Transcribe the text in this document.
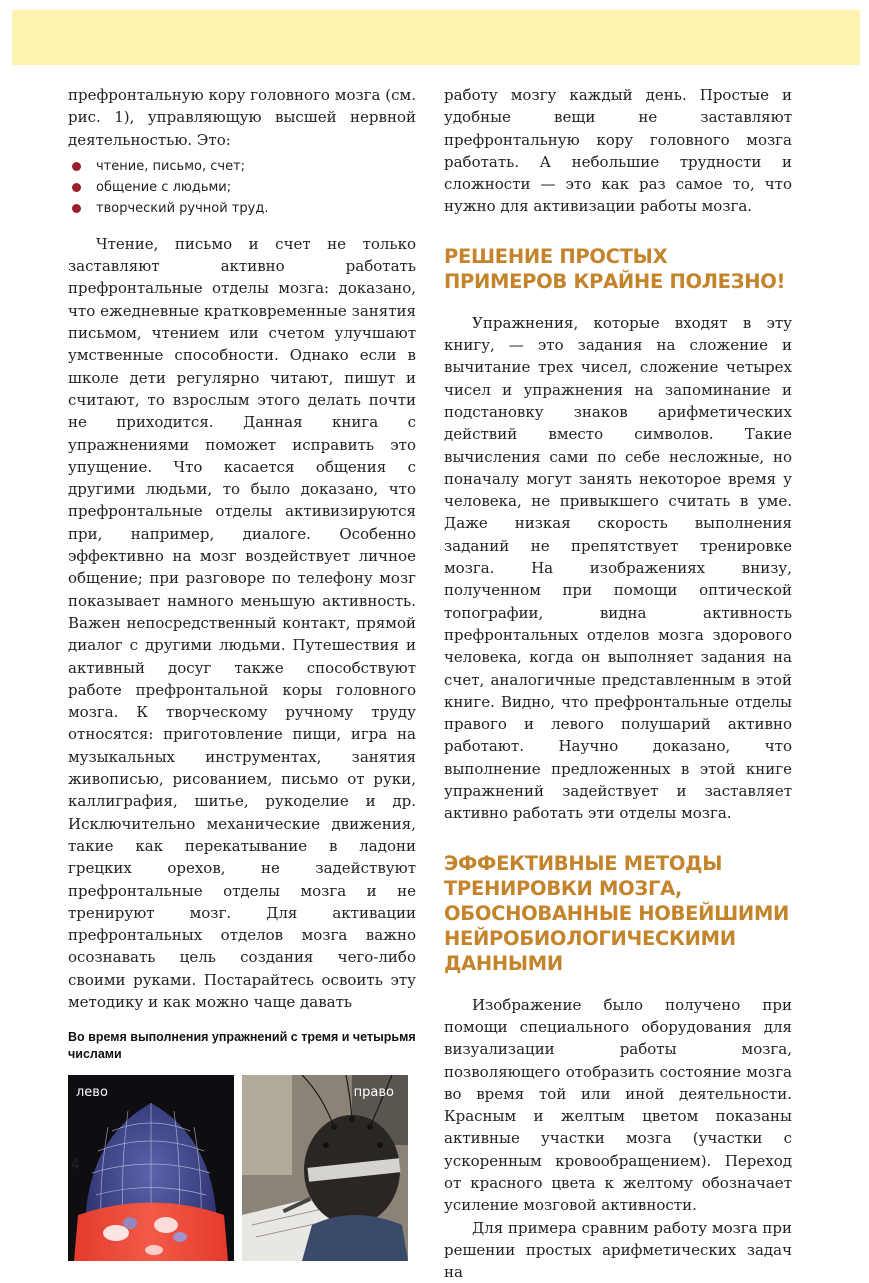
префронтальную кору головного мозга (см. рис. 1), управляющую высшей нервной деятельностью. Это:

чтение, письмо, счет;
общение с людьми;
творческий ручной труд.

Чтение, письмо и счет не только заставляют активно работать префронтальные отделы мозга: доказано, что ежедневные кратковременные занятия письмом, чтением или счетом улучшают умственные способности. Однако если в школе дети регулярно читают, пишут и считают, то взрослым этого делать почти не приходится. Данная книга с упражнениями поможет исправить это упущение. Что касается общения с другими людьми, то было доказано, что префронтальные отделы активизируются при, например, диалоге. Особенно эффективно на мозг воздействует личное общение; при разговоре по телефону мозг показывает намного меньшую активность. Важен непосредственный контакт, прямой диалог с другими людьми. Путешествия и активный досуг также способствуют работе префронтальной коры головного мозга. К творческому ручному труду относятся: приготовление пищи, игра на музыкальных инструментах, занятия живописью, рисованием, письмо от руки, каллиграфия, шитье, рукоделие и др. Исключительно механические движения, такие как перекатывание в ладони грецких орехов, не задействуют префронтальные отделы мозга и не тренируют мозг. Для активации префронтальных отделов мозга важно осознавать цель создания чего-либо своими руками. Постарайтесь освоить эту методику и как можно чаще давать

Во время выполнения упражнений с тремя и четырьмя числами
лево	право

работу мозгу каждый день. Простые и удобные вещи не заставляют префронтальную кору головного мозга работать. А небольшие трудности и сложности — это как раз самое то, что нужно для активизации работы мозга.

РЕШЕНИЕ ПРОСТЫХ ПРИМЕРОВ КРАЙНЕ ПОЛЕЗНО!

Упражнения, которые входят в эту книгу, — это задания на сложение и вычитание трех чисел, сложение четырех чисел и упражнения на запоминание и подстановку знаков арифметических действий вместо символов. Такие вычисления сами по себе несложные, но поначалу могут занять некоторое время у человека, не привыкшего считать в уме. Даже низкая скорость выполнения заданий не препятствует тренировке мозга. На изображениях внизу, полученном при помощи оптической топографии, видна активность префронтальных отделов мозга здорового человека, когда он выполняет задания на счет, аналогичные представленным в этой книге. Видно, что префронтальные отделы правого и левого полушарий активно работают. Научно доказано, что выполнение предложенных в этой книге упражнений задействует и заставляет активно работать эти отделы мозга.

ЭФФЕКТИВНЫЕ МЕТОДЫ ТРЕНИРОВКИ МОЗГА, ОБОСНОВАННЫЕ НОВЕЙШИМИ НЕЙРОБИОЛОГИЧЕСКИМИ ДАННЫМИ

Изображение было получено при помощи специального оборудования для визуализации работы мозга, позволяющего отобразить состояние мозга во время той или иной деятельности. Красным и желтым цветом показаны активные участки мозга (участки с ускоренным кровообращением). Переход от красного цвета к желтому обозначает усиление мозговой активности.

Для примера сравним работу мозга при решении простых арифметических задач на

4
